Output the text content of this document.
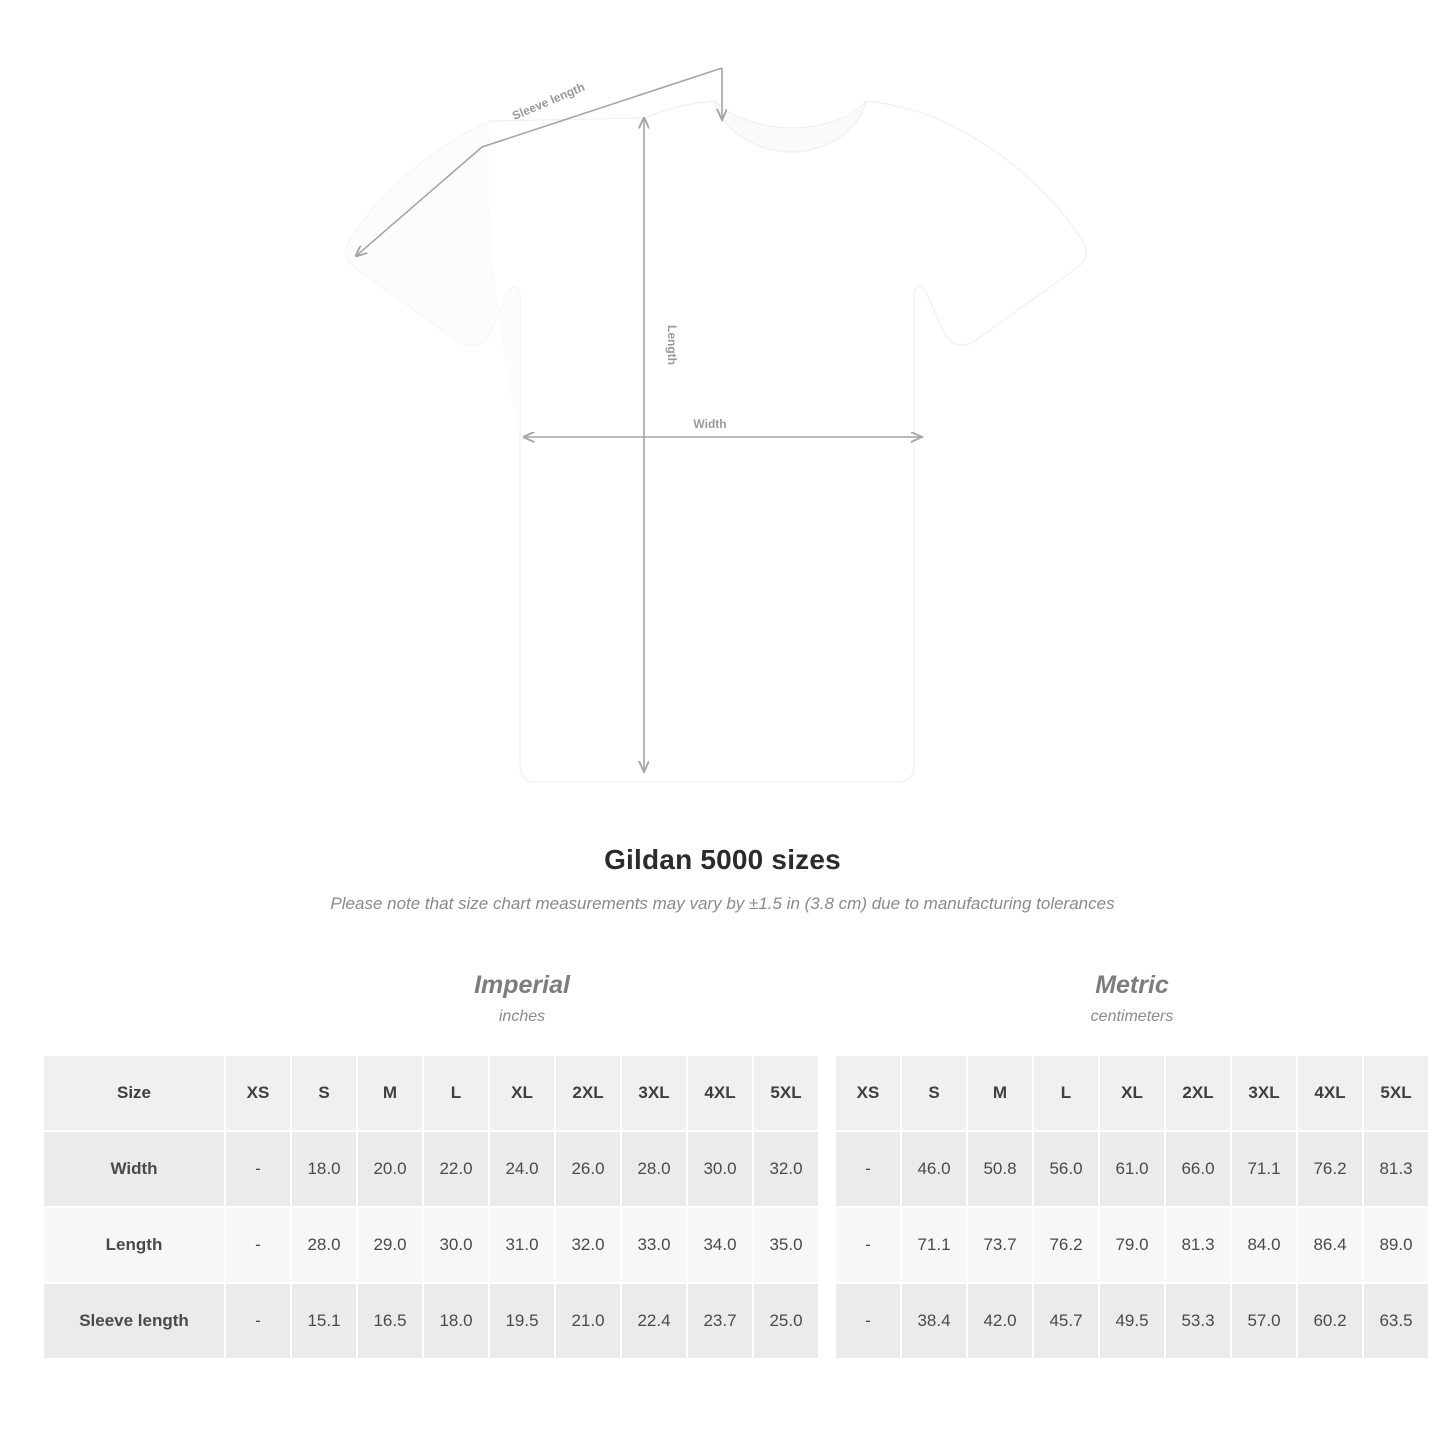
Width
Length
Sleeve length
Gildan 5000 sizes
Please note that size chart measurements may vary by ±1.5 in (3.8 cm) due to manufacturing tolerances

Imperial
inches

Metric
centimeters

Size	XS	S	M	L	XL	2XL	3XL	4XL	5XL		XS	S	M	L	XL	2XL	3XL	4XL	5XL
Width	-	18.0	20.0	22.0	24.0	26.0	28.0	30.0	32.0		-	46.0	50.8	56.0	61.0	66.0	71.1	76.2	81.3
Length	-	28.0	29.0	30.0	31.0	32.0	33.0	34.0	35.0		-	71.1	73.7	76.2	79.0	81.3	84.0	86.4	89.0
Sleeve length	-	15.1	16.5	18.0	19.5	21.0	22.4	23.7	25.0		-	38.4	42.0	45.7	49.5	53.3	57.0	60.2	63.5
